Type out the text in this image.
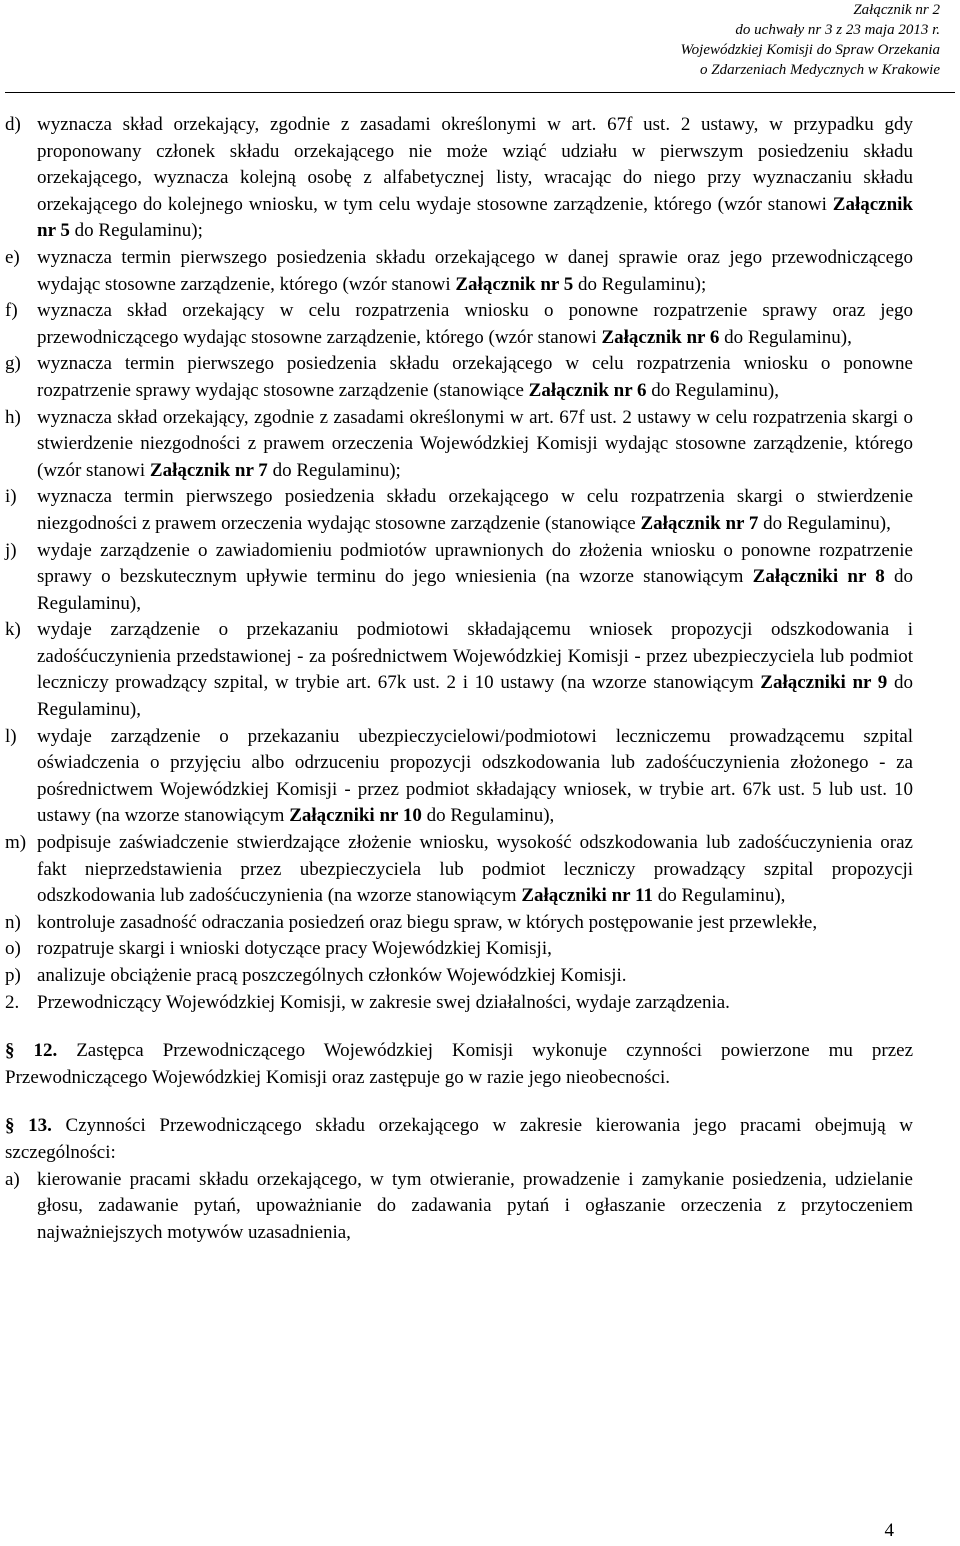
Załącznik nr 2
do uchwały nr 3 z 23 maja 2013 r.
Wojewódzkiej Komisji do Spraw Orzekania
o Zdarzeniach Medycznych w Krakowie
d) wyznacza skład orzekający, zgodnie z zasadami określonymi w art. 67f ust. 2 ustawy, w przypadku gdy proponowany członek składu orzekającego nie może wziąć udziału w pierwszym posiedzeniu składu orzekającego, wyznacza kolejną osobę z alfabetycznej listy, wracając do niego przy wyznaczaniu składu orzekającego do kolejnego wniosku, w tym celu wydaje stosowne zarządzenie, którego (wzór stanowi Załącznik nr 5 do Regulaminu);
e) wyznacza termin pierwszego posiedzenia składu orzekającego w danej sprawie oraz jego przewodniczącego wydając stosowne zarządzenie, którego (wzór stanowi Załącznik nr 5 do Regulaminu);
f) wyznacza skład orzekający w celu rozpatrzenia wniosku o ponowne rozpatrzenie sprawy oraz jego przewodniczącego wydając stosowne zarządzenie, którego (wzór stanowi Załącznik nr 6 do Regulaminu),
g) wyznacza termin pierwszego posiedzenia składu orzekającego w celu rozpatrzenia wniosku o ponowne rozpatrzenie sprawy wydając stosowne zarządzenie (stanowiące Załącznik nr 6 do Regulaminu),
h) wyznacza skład orzekający, zgodnie z zasadami określonymi w art. 67f ust. 2 ustawy w celu rozpatrzenia skargi o stwierdzenie niezgodności z prawem orzeczenia Wojewódzkiej Komisji wydając stosowne zarządzenie, którego (wzór stanowi Załącznik nr 7 do Regulaminu);
i) wyznacza termin pierwszego posiedzenia składu orzekającego w celu rozpatrzenia skargi o stwierdzenie niezgodności z prawem orzeczenia wydając stosowne zarządzenie (stanowiące Załącznik nr 7 do Regulaminu),
j) wydaje zarządzenie o zawiadomieniu podmiotów uprawnionych do złożenia wniosku o ponowne rozpatrzenie sprawy o bezskutecznym upływie terminu do jego wniesienia (na wzorze stanowiącym Załączniki nr 8 do Regulaminu),
k) wydaje zarządzenie o przekazaniu podmiotowi składającemu wniosek propozycji odszkodowania i zadośćuczynienia przedstawionej - za pośrednictwem Wojewódzkiej Komisji - przez ubezpieczyciela lub podmiot leczniczy prowadzący szpital, w trybie art. 67k ust. 2 i 10 ustawy (na wzorze stanowiącym Załączniki nr 9 do Regulaminu),
l) wydaje zarządzenie o przekazaniu ubezpieczycielowi/podmiotowi leczniczemu prowadzącemu szpital oświadczenia o przyjęciu albo odrzuceniu propozycji odszkodowania lub zadośćuczynienia złożonego - za pośrednictwem Wojewódzkiej Komisji - przez podmiot składający wniosek, w trybie art. 67k ust. 5 lub ust. 10 ustawy (na wzorze stanowiącym Załączniki nr 10 do Regulaminu),
m) podpisuje zaświadczenie stwierdzające złożenie wniosku, wysokość odszkodowania lub zadośćuczynienia oraz fakt nieprzedstawienia przez ubezpieczyciela lub podmiot leczniczy prowadzący szpital propozycji odszkodowania lub zadośćuczynienia (na wzorze stanowiącym Załączniki nr 11 do Regulaminu),
n) kontroluje zasadność odraczania posiedzeń oraz biegu spraw, w których postępowanie jest przewlekłe,
o) rozpatruje skargi i wnioski dotyczące pracy Wojewódzkiej Komisji,
p) analizuje obciążenie pracą poszczególnych członków Wojewódzkiej Komisji.
2. Przewodniczący Wojewódzkiej Komisji, w zakresie swej działalności, wydaje zarządzenia.
§ 12. Zastępca Przewodniczącego Wojewódzkiej Komisji wykonuje czynności powierzone mu przez Przewodniczącego Wojewódzkiej Komisji oraz zastępuje go w razie jego nieobecności.
§ 13. Czynności Przewodniczącego składu orzekającego w zakresie kierowania jego pracami obejmują w szczególności:
a) kierowanie pracami składu orzekającego, w tym otwieranie, prowadzenie i zamykanie posiedzenia, udzielanie głosu, zadawanie pytań, upoważnianie do zadawania pytań i ogłaszanie orzeczenia z przytoczeniem najważniejszych motywów uzasadnienia,
4
